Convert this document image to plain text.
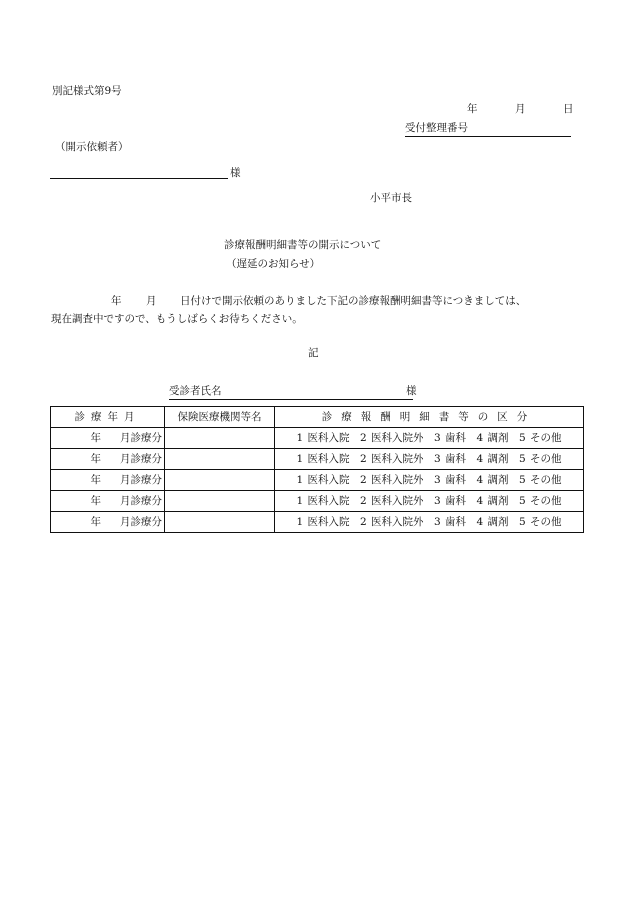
別記様式第9号
年	月	日
受付整理番号
（開示依頼者）
様
小平市長
診療報酬明細書等の開示について
（遅延のお知らせ）
年 月 日付けで開示依頼のありました下記の診療報酬明細書等につきましては、
現在調査中ですので、もうしばらくお待ちください。
記
受診者氏名	様
診療年月	保険医療機関等名	診療報酬明細書等の区分
年 月診療分		1 医科入院　2 医科入院外　3 歯科　4 調剤　5 その他
年 月診療分		1 医科入院　2 医科入院外　3 歯科　4 調剤　5 その他
年 月診療分		1 医科入院　2 医科入院外　3 歯科　4 調剤　5 その他
年 月診療分		1 医科入院　2 医科入院外　3 歯科　4 調剤　5 その他
年 月診療分		1 医科入院　2 医科入院外　3 歯科　4 調剤　5 その他
